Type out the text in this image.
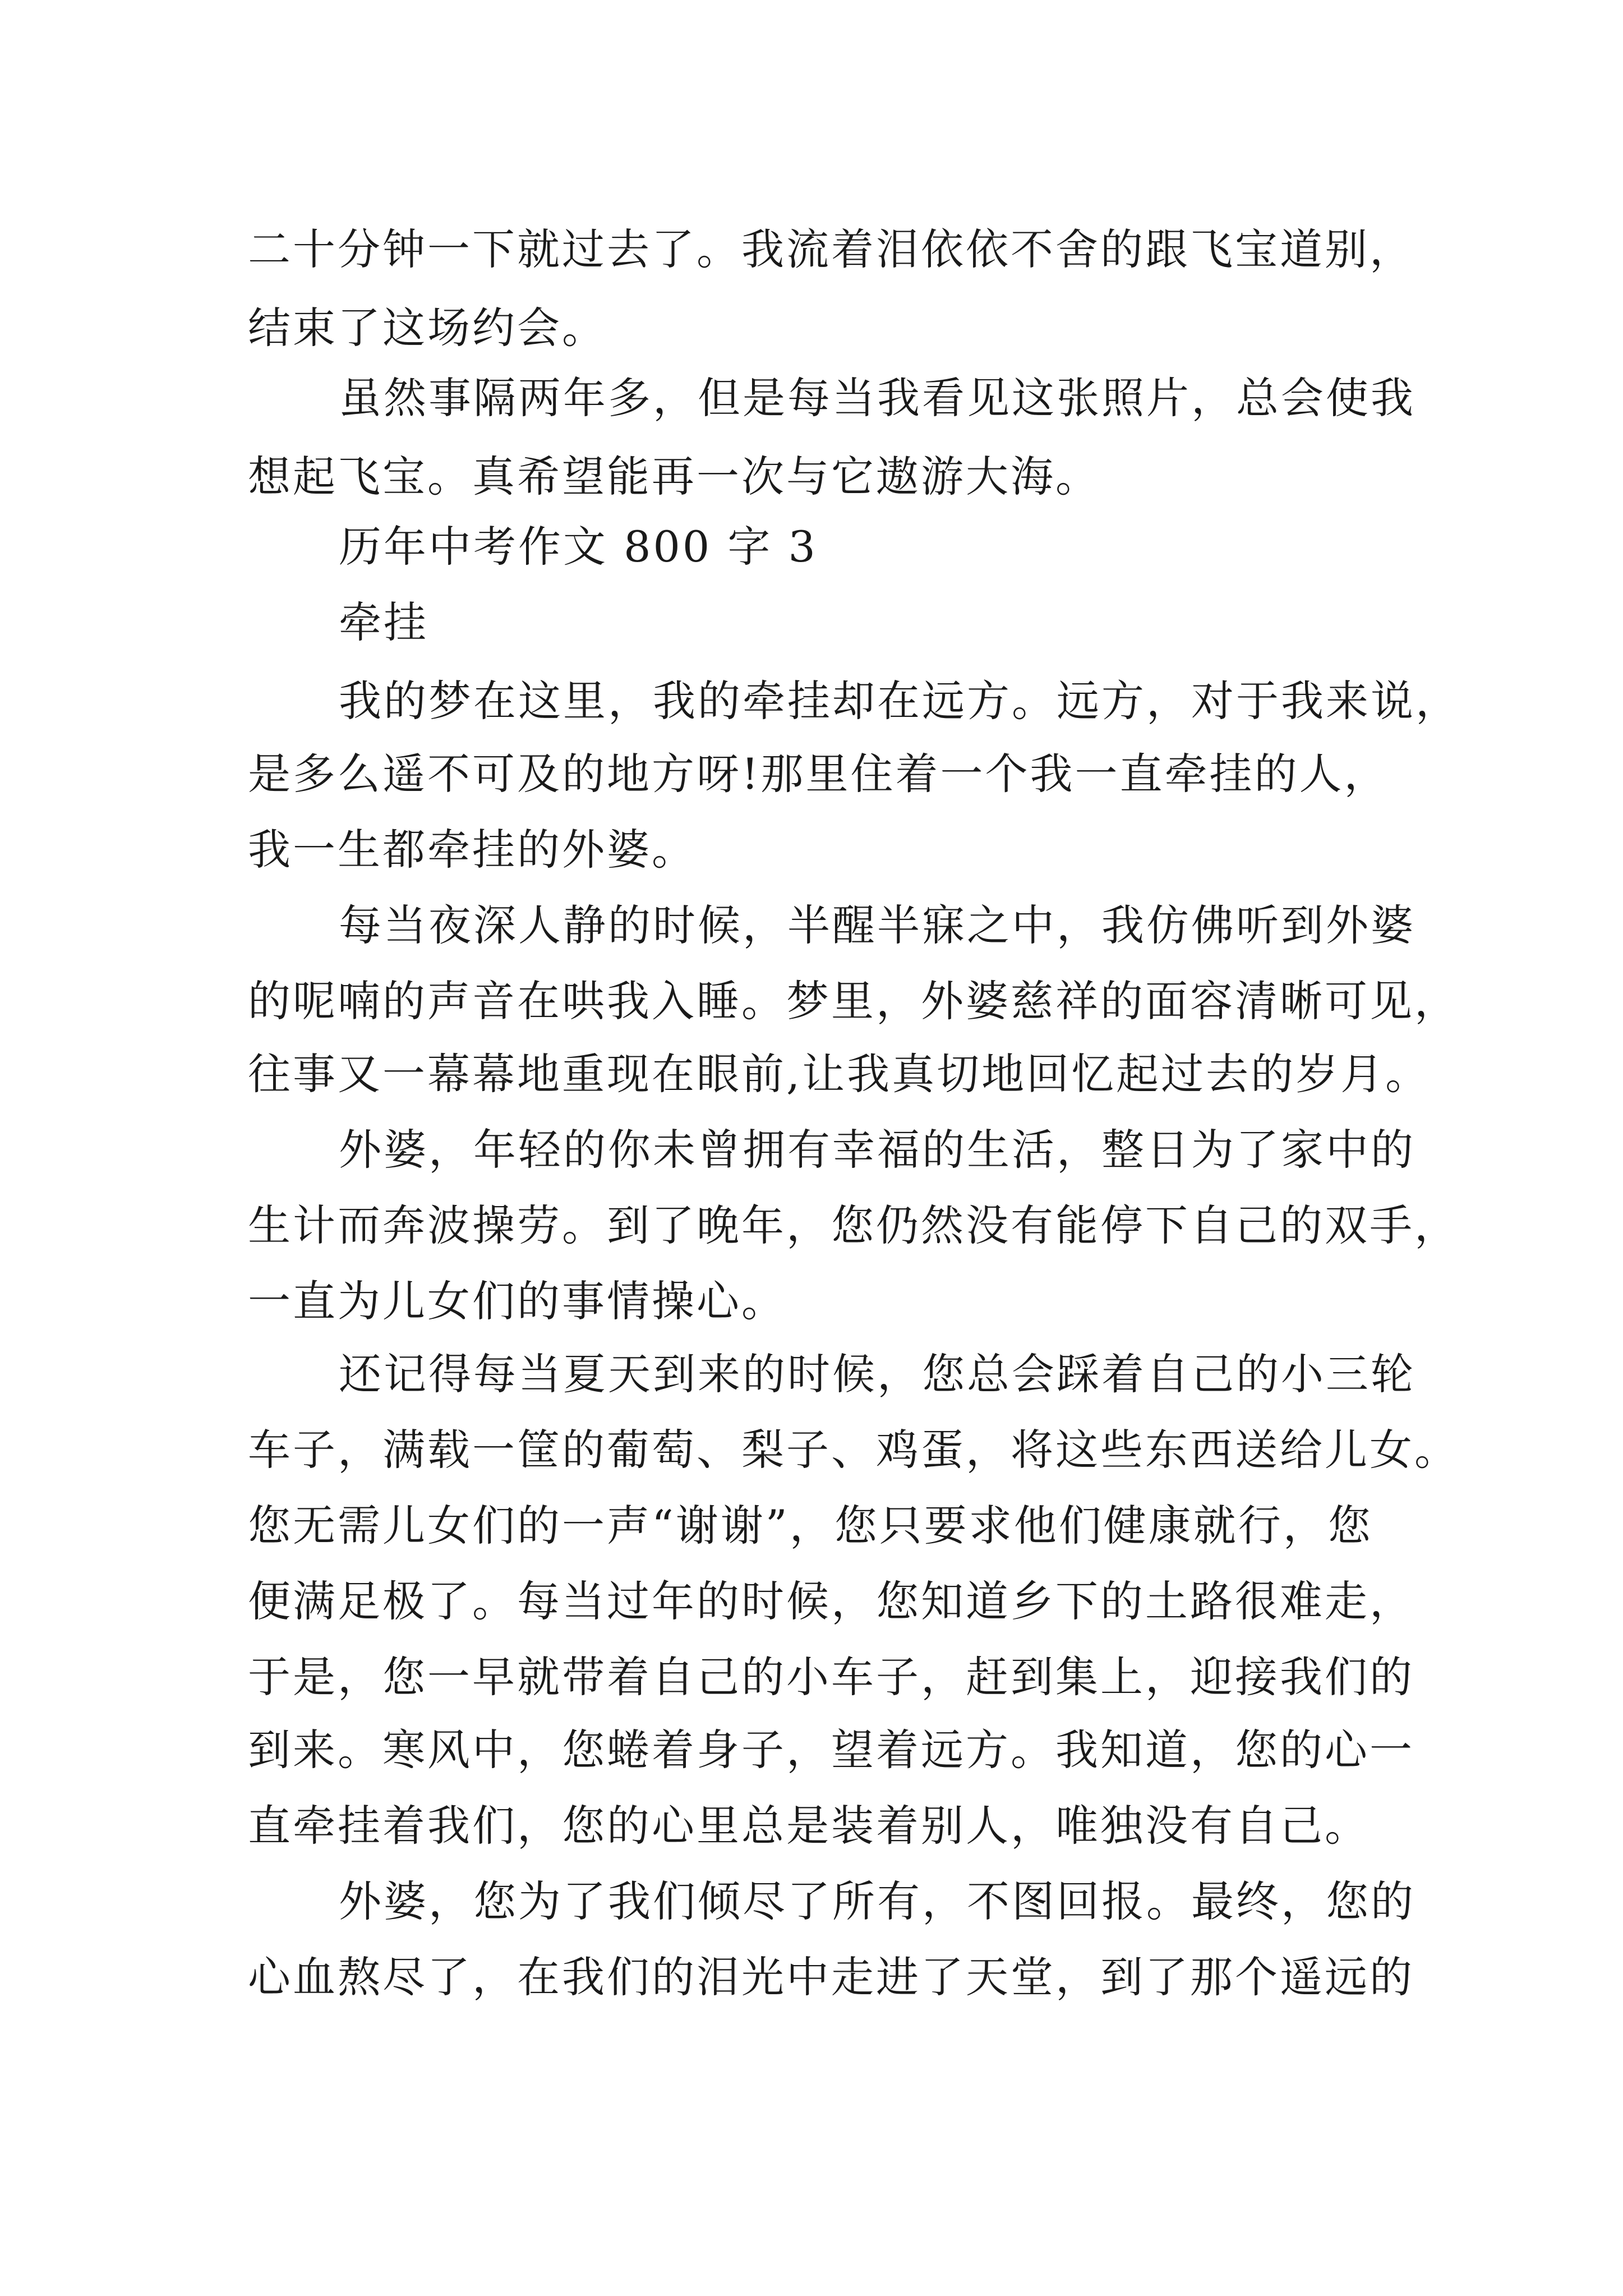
二十分钟一下就过去了。我流着泪依依不舍的跟飞宝道别，

结束了这场约会。

虽然事隔两年多，但是每当我看见这张照片，总会使我

想起飞宝。真希望能再一次与它遨游大海。

历年中考作文 800 字 3

牵挂

我的梦在这里，我的牵挂却在远方。远方，对于我来说，

是多么遥不可及的地方呀!那里住着一个我一直牵挂的人，

我一生都牵挂的外婆。

每当夜深人静的时候，半醒半寐之中，我仿佛听到外婆

的呢喃的声音在哄我入睡。梦里，外婆慈祥的面容清晰可见，

往事又一幕幕地重现在眼前,让我真切地回忆起过去的岁月。

外婆，年轻的你未曾拥有幸福的生活，整日为了家中的

生计而奔波操劳。到了晚年，您仍然没有能停下自己的双手，

一直为儿女们的事情操心。

还记得每当夏天到来的时候，您总会踩着自己的小三轮

车子，满载一筐的葡萄、梨子、鸡蛋，将这些东西送给儿女。

您无需儿女们的一声“谢谢”，您只要求他们健康就行，您

便满足极了。每当过年的时候，您知道乡下的土路很难走，

于是，您一早就带着自己的小车子，赶到集上，迎接我们的

到来。寒风中，您蜷着身子，望着远方。我知道，您的心一

直牵挂着我们，您的心里总是装着别人，唯独没有自己。

外婆，您为了我们倾尽了所有，不图回报。最终，您的

心血熬尽了，在我们的泪光中走进了天堂，到了那个遥远的
